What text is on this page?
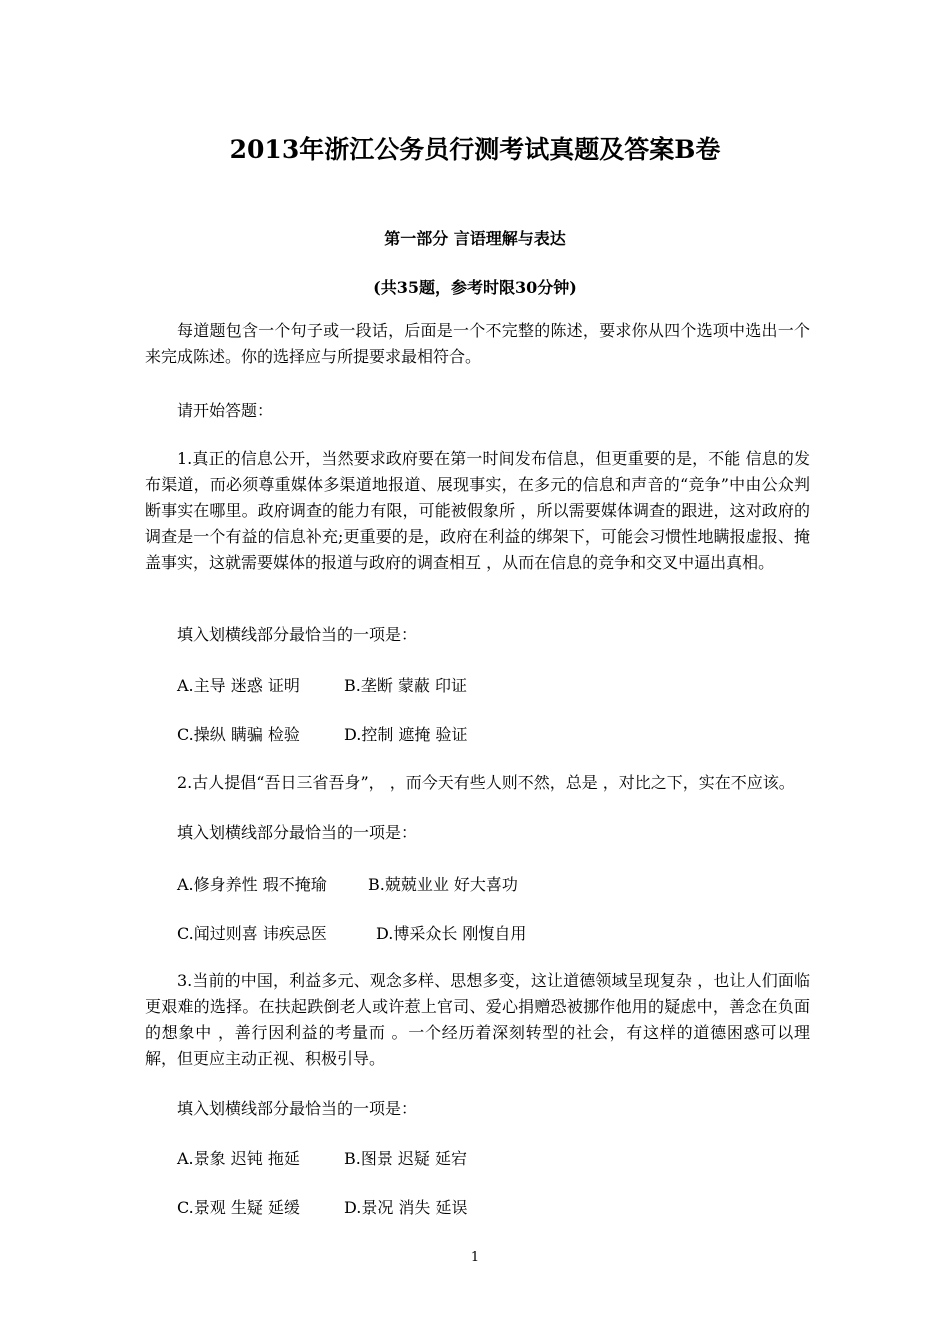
2013年浙江公务员行测考试真题及答案B卷
第一部分 言语理解与表达
(共35题，参考时限30分钟)
每道题包含一个句子或一段话，后面是一个不完整的陈述，要求你从四个选项中选出一个来完成陈述。你的选择应与所提要求最相符合。
请开始答题：
1.真正的信息公开，当然要求政府要在第一时间发布信息，但更重要的是，不能 信息的发布渠道，而必须尊重媒体多渠道地报道、展现事实，在多元的信息和声音的“竞争”中由公众判断事实在哪里。政府调查的能力有限，可能被假象所 ，所以需要媒体调查的跟进，这对政府的调查是一个有益的信息补充;更重要的是，政府在利益的绑架下，可能会习惯性地瞒报虚报、掩盖事实，这就需要媒体的报道与政府的调查相互 ，从而在信息的竞争和交叉中逼出真相。
填入划横线部分最恰当的一项是：
A.主导 迷惑 证明	B.垄断 蒙蔽 印证
C.操纵 瞒骗 检验	D.控制 遮掩 验证
2.古人提倡“吾日三省吾身”， ，而今天有些人则不然，总是 ，对比之下，实在不应该。
填入划横线部分最恰当的一项是：
A.修身养性 瑕不掩瑜	B.兢兢业业 好大喜功
C.闻过则喜 讳疾忌医	D.博采众长 刚愎自用
3.当前的中国，利益多元、观念多样、思想多变，这让道德领域呈现复杂 ，也让人们面临更艰难的选择。在扶起跌倒老人或许惹上官司、爱心捐赠恐被挪作他用的疑虑中，善念在负面的想象中 ，善行因利益的考量而 。一个经历着深刻转型的社会，有这样的道德困惑可以理解，但更应主动正视、积极引导。
填入划横线部分最恰当的一项是：
A.景象 迟钝 拖延	B.图景 迟疑 延宕
C.景观 生疑 延缓	D.景况 消失 延误
1
